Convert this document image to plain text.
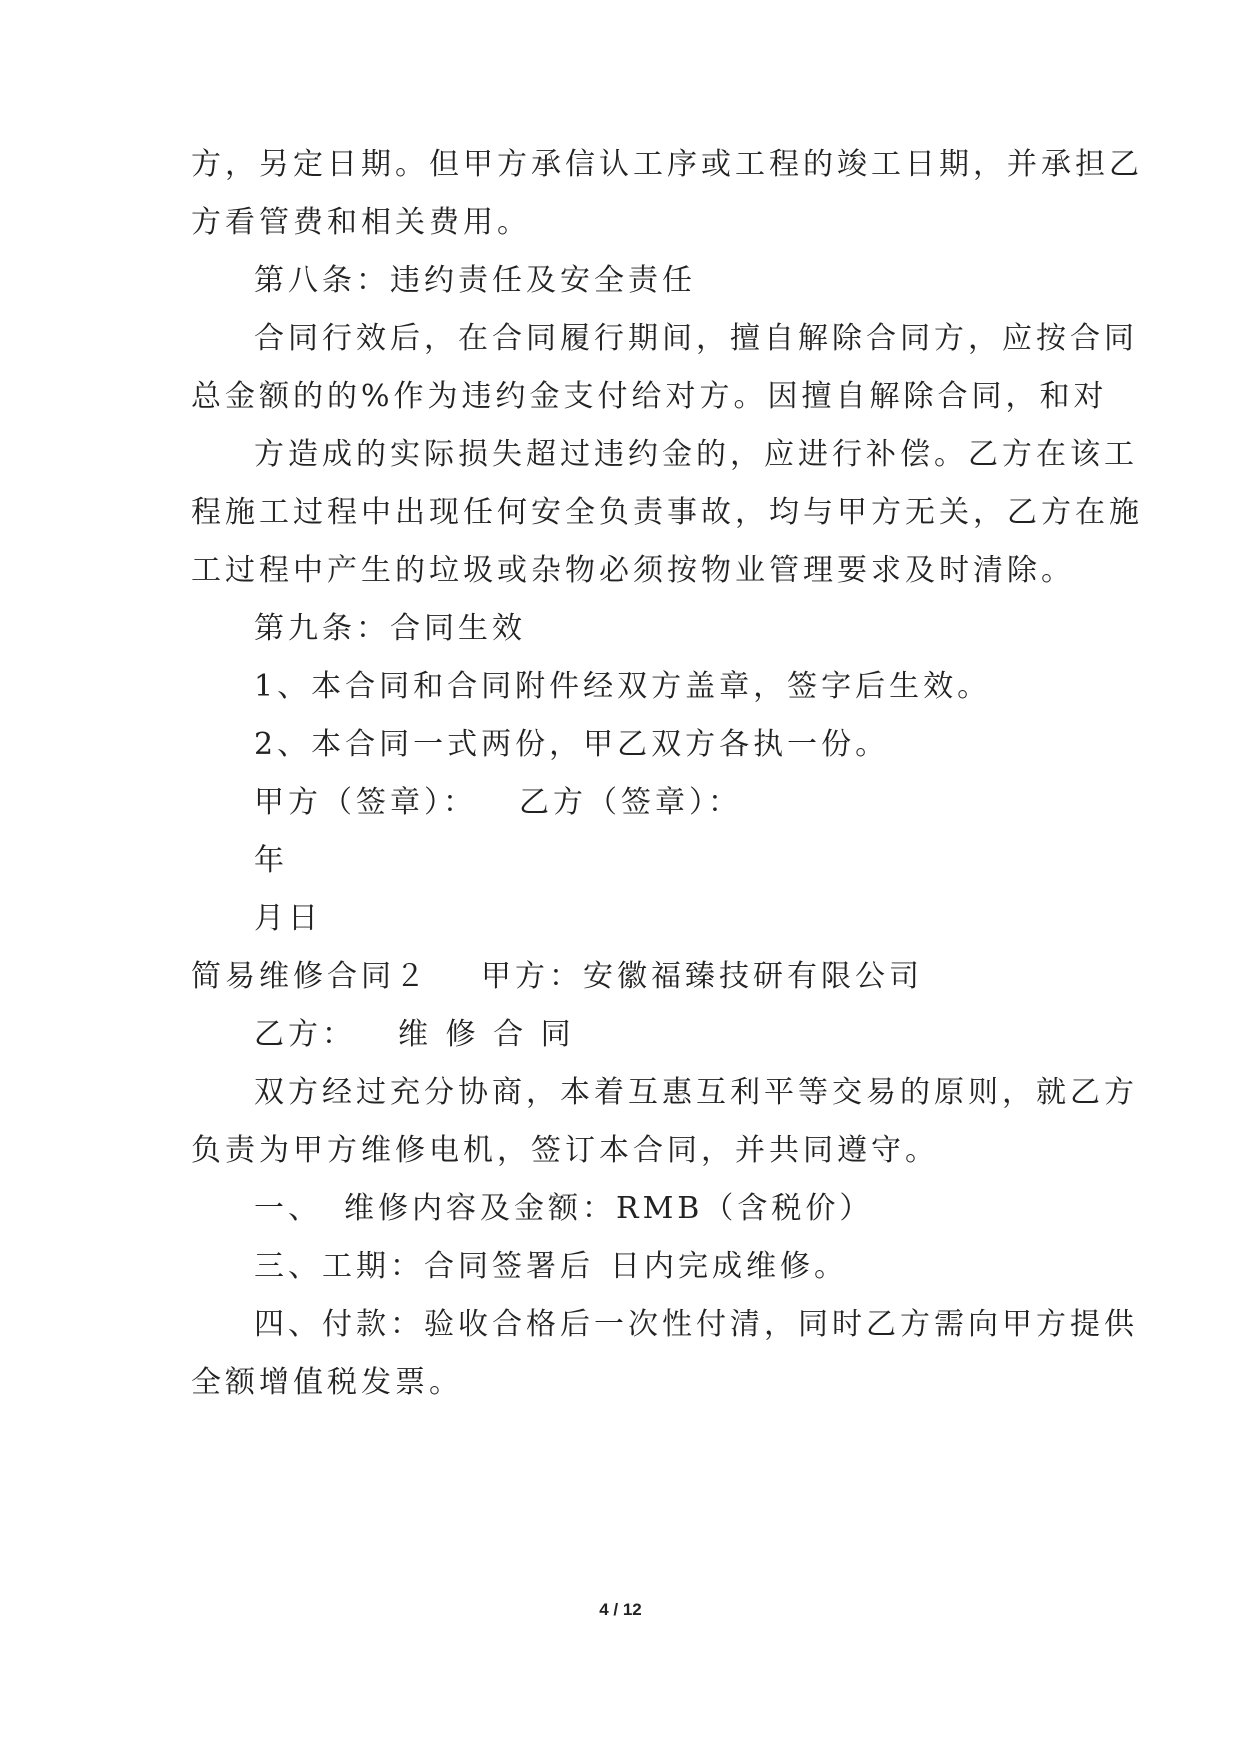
方，另定日期。但甲方承信认工序或工程的竣工日期，并承担乙
方看管费和相关费用。
第八条：违约责任及安全责任
合同行效后，在合同履行期间，擅自解除合同方，应按合同
总金额的的%作为违约金支付给对方。因擅自解除合同，和对
方造成的实际损失超过违约金的，应进行补偿。乙方在该工
程施工过程中出现任何安全负责事故，均与甲方无关，乙方在施
工过程中产生的垃圾或杂物必须按物业管理要求及时清除。
第九条：合同生效
1、本合同和合同附件经双方盖章，签字后生效。
2、本合同一式两份，甲乙双方各执一份。
甲方（签章）： 乙方（签章）：
年
月日
简易维修合同２ 甲方：安徽福臻技研有限公司
乙方： 维 修 合 同
双方经过充分协商，本着互惠互利平等交易的原则，就乙方
负责为甲方维修电机，签订本合同，并共同遵守。
一、 维修内容及金额：RMB（含税价）
三、工期：合同签署后 日内完成维修。
四、付款：验收合格后一次性付清，同时乙方需向甲方提供
全额增值税发票。
4 / 12
